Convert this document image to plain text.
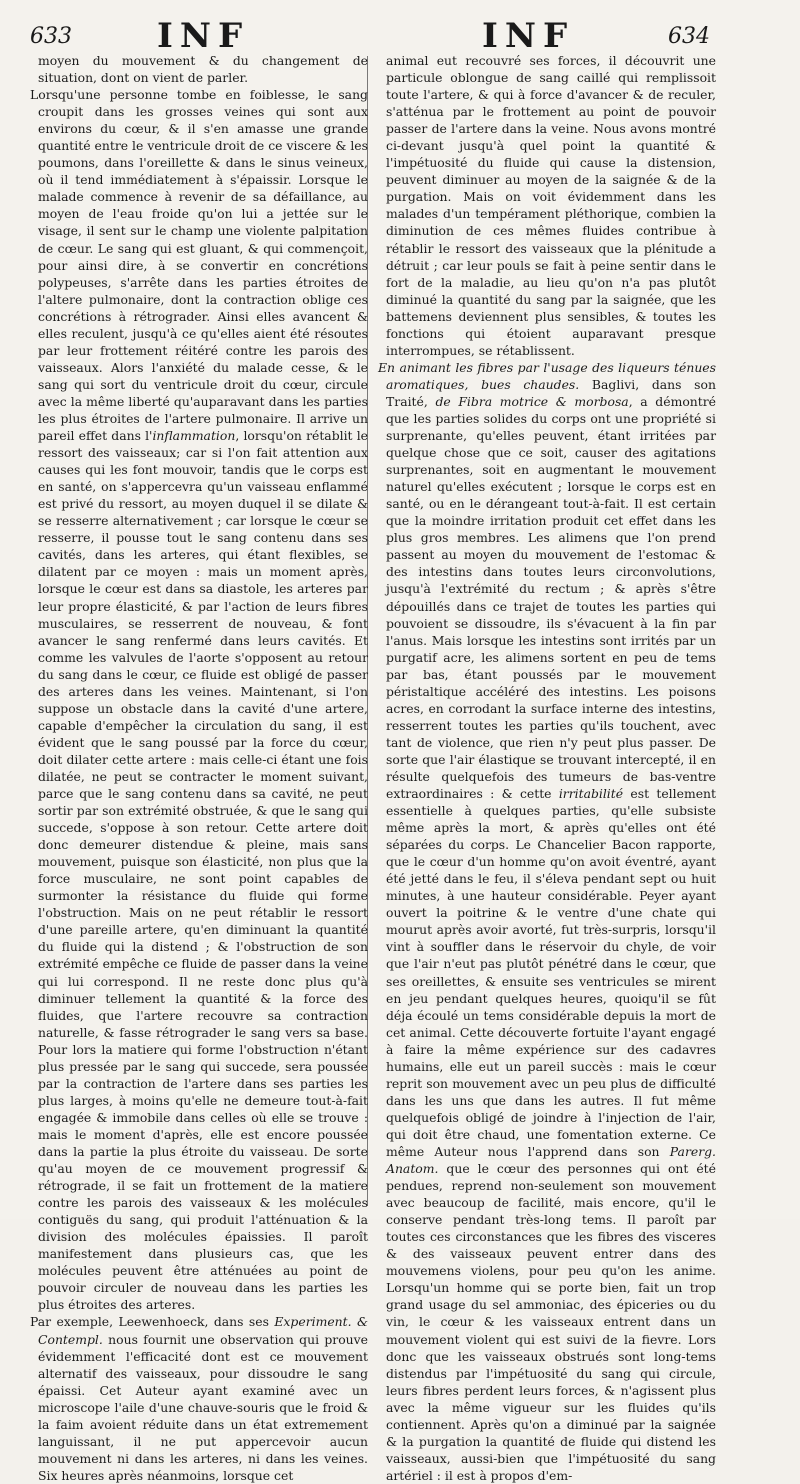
633	INF	INF	634

moyen du mouvement & du changement de situation, dont on vient de parler.

Lorsqu'une personne tombe en foiblesse, le sang croupit dans les grosses veines qui sont aux environs du cœur, & il s'en amasse une grande quantité entre le ventricule droit de ce viscere & les poumons, dans l'oreillette & dans le sinus veineux, où il tend immédiatement à s'épaissir. Lorsque le malade commence à revenir de sa défaillance, au moyen de l'eau froide qu'on lui a jettée sur le visage, il sent sur le champ une violente palpitation de cœur. Le sang qui est gluant, & qui commençoit, pour ainsi dire, à se convertir en concrétions polypeuses, s'arrête dans les parties étroites de l'altere pulmonaire, dont la contraction oblige ces concrétions à rétrograder. Ainsi elles avancent & elles reculent, jusqu'à ce qu'elles aient été résoutes par leur frottement réitéré contre les parois des vaisseaux. Alors l'anxiété du malade cesse, & le sang qui sort du ventricule droit du cœur, circule avec la même liberté qu'auparavant dans les parties les plus étroites de l'artere pulmonaire. Il arrive un pareil effet dans l'inflammation, lorsqu'on rétablit le ressort des vaisseaux; car si l'on fait attention aux causes qui les font mouvoir, tandis que le corps est en santé, on s'appercevra qu'un vaisseau enflammé est privé du ressort, au moyen duquel il se dilate & se resserre alternativement ; car lorsque le cœur se resserre, il pousse tout le sang contenu dans ses cavités, dans les arteres, qui étant flexibles, se dilatent par ce moyen : mais un moment après, lorsque le cœur est dans sa diastole, les arteres par leur propre élasticité, & par l'action de leurs fibres musculaires, se resserrent de nouveau, & font avancer le sang renfermé dans leurs cavités. Et comme les valvules de l'aorte s'opposent au retour du sang dans le cœur, ce fluide est obligé de passer des arteres dans les veines. Maintenant, si l'on suppose un obstacle dans la cavité d'une artere, capable d'empêcher la circulation du sang, il est évident que le sang poussé par la force du cœur, doit dilater cette artere : mais celle-ci étant une fois dilatée, ne peut se contracter le moment suivant, parce que le sang contenu dans sa cavité, ne peut sortir par son extrémité obstruée, & que le sang qui succede, s'oppose à son retour. Cette artere doit donc demeurer distendue & pleine, mais sans mouvement, puisque son élasticité, non plus que la force musculaire, ne sont point capables de surmonter la résistance du fluide qui forme l'obstruction. Mais on ne peut rétablir le ressort d'une pareille artere, qu'en diminuant la quantité du fluide qui la distend ; & l'obstruction de son extrémité empêche ce fluide de passer dans la veine qui lui correspond. Il ne reste donc plus qu'à diminuer tellement la quantité & la force des fluides, que l'artere recouvre sa contraction naturelle, & fasse rétrograder le sang vers sa base. Pour lors la matiere qui forme l'obstruction n'étant plus pressée par le sang qui succede, sera poussée par la contraction de l'artere dans ses parties les plus larges, à moins qu'elle ne demeure tout-à-fait engagée & immobile dans celles où elle se trouve : mais le moment d'après, elle est encore poussée dans la partie la plus étroite du vaisseau. De sorte qu'au moyen de ce mouvement progressif & rétrograde, il se fait un frottement de la matiere contre les parois des vaisseaux & les molécules contiguës du sang, qui produit l'atténuation & la division des molécules épaissies. Il paroît manifestement dans plusieurs cas, que les molécules peuvent être atténuées au point de pouvoir circuler de nouveau dans les parties les plus étroites des arteres.

Par exemple, Leewenhoeck, dans ses Experiment. & Contempl. nous fournit une observation qui prouve évidemment l'efficacité dont est ce mouvement alternatif des vaisseaux, pour dissoudre le sang épaissi. Cet Auteur ayant examiné avec un microscope l'aile d'une chauve-souris que le froid & la faim avoient réduite dans un état extremement languissant, il ne put appercevoir aucun mouvement ni dans les arteres, ni dans les veines. Six heures après néanmoins, lorsque cet

animal eut recouvré ses forces, il découvrit une particule oblongue de sang caillé qui remplissoit toute l'artere, & qui à force d'avancer & de reculer, s'atténua par le frottement au point de pouvoir passer de l'artere dans la veine. Nous avons montré ci-devant jusqu'à quel point la quantité & l'impétuosité du fluide qui cause la distension, peuvent diminuer au moyen de la saignée & de la purgation. Mais on voit évidemment dans les malades d'un tempérament pléthorique, combien la diminution de ces mêmes fluides contribue à rétablir le ressort des vaisseaux que la plénitude a détruit ; car leur pouls se fait à peine sentir dans le fort de la maladie, au lieu qu'on n'a pas plutôt diminué la quantité du sang par la saignée, que les battemens deviennent plus sensibles, & toutes les fonctions qui étoient auparavant presque interrompues, se rétablissent.

En animant les fibres par l'usage des liqueurs ténues aromatiques, bues chaudes. Baglivi, dans son Traité, de Fibra motrice & morbosa, a démontré que les parties solides du corps ont une propriété si surprenante, qu'elles peuvent, étant irritées par quelque chose que ce soit, causer des agitations surprenantes, soit en augmentant le mouvement naturel qu'elles exécutent ; lorsque le corps est en santé, ou en le dérangeant tout-à-fait. Il est certain que la moindre irritation produit cet effet dans les plus gros membres. Les alimens que l'on prend passent au moyen du mouvement de l'estomac & des intestins dans toutes leurs circonvolutions, jusqu'à l'extrémité du rectum ; & après s'être dépouillés dans ce trajet de toutes les parties qui pouvoient se dissoudre, ils s'évacuent à la fin par l'anus. Mais lorsque les intestins sont irrités par un purgatif acre, les alimens sortent en peu de tems par bas, étant poussés par le mouvement péristaltique accéléré des intestins. Les poisons acres, en corrodant la surface interne des intestins, resserrent toutes les parties qu'ils touchent, avec tant de violence, que rien n'y peut plus passer. De sorte que l'air élastique se trouvant intercepté, il en résulte quelquefois des tumeurs de bas-ventre extraordinaires : & cette irritabilité est tellement essentielle à quelques parties, qu'elle subsiste même après la mort, & après qu'elles ont été séparées du corps. Le Chancelier Bacon rapporte, que le cœur d'un homme qu'on avoit éventré, ayant été jetté dans le feu, il s'éleva pendant sept ou huit minutes, à une hauteur considérable. Peyer ayant ouvert la poitrine & le ventre d'une chate qui mourut après avoir avorté, fut très-surpris, lorsqu'il vint à souffler dans le réservoir du chyle, de voir que l'air n'eut pas plutôt pénétré dans le cœur, que ses oreillettes, & ensuite ses ventricules se mirent en jeu pendant quelques heures, quoiqu'il se fût déja écoulé un tems considérable depuis la mort de cet animal. Cette découverte fortuite l'ayant engagé à faire la même expérience sur des cadavres humains, elle eut un pareil succès : mais le cœur reprit son mouvement avec un peu plus de difficulté dans les uns que dans les autres. Il fut même quelquefois obligé de joindre à l'injection de l'air, qui doit être chaud, une fomentation externe. Ce même Auteur nous l'apprend dans son Parerg. Anatom. que le cœur des personnes qui ont été pendues, reprend non-seulement son mouvement avec beaucoup de facilité, mais encore, qu'il le conserve pendant très-long tems. Il paroît par toutes ces circonstances que les fibres des visceres & des vaisseaux peuvent entrer dans des mouvemens violens, pour peu qu'on les anime. Lorsqu'un homme qui se porte bien, fait un trop grand usage du sel ammoniac, des épiceries ou du vin, le cœur & les vaisseaux entrent dans un mouvement violent qui est suivi de la fievre. Lors donc que les vaisseaux obstrués sont long-tems distendus par l'impétuosité du sang qui circule, leurs fibres perdent leurs forces, & n'agissent plus avec la même vigueur sur les fluides qu'ils contiennent. Après qu'on a diminué par la saignée & la purgation la quantité de fluide qui distend les vaisseaux, aussi-bien que l'impétuosité du sang artériel : il est à propos d'em-
